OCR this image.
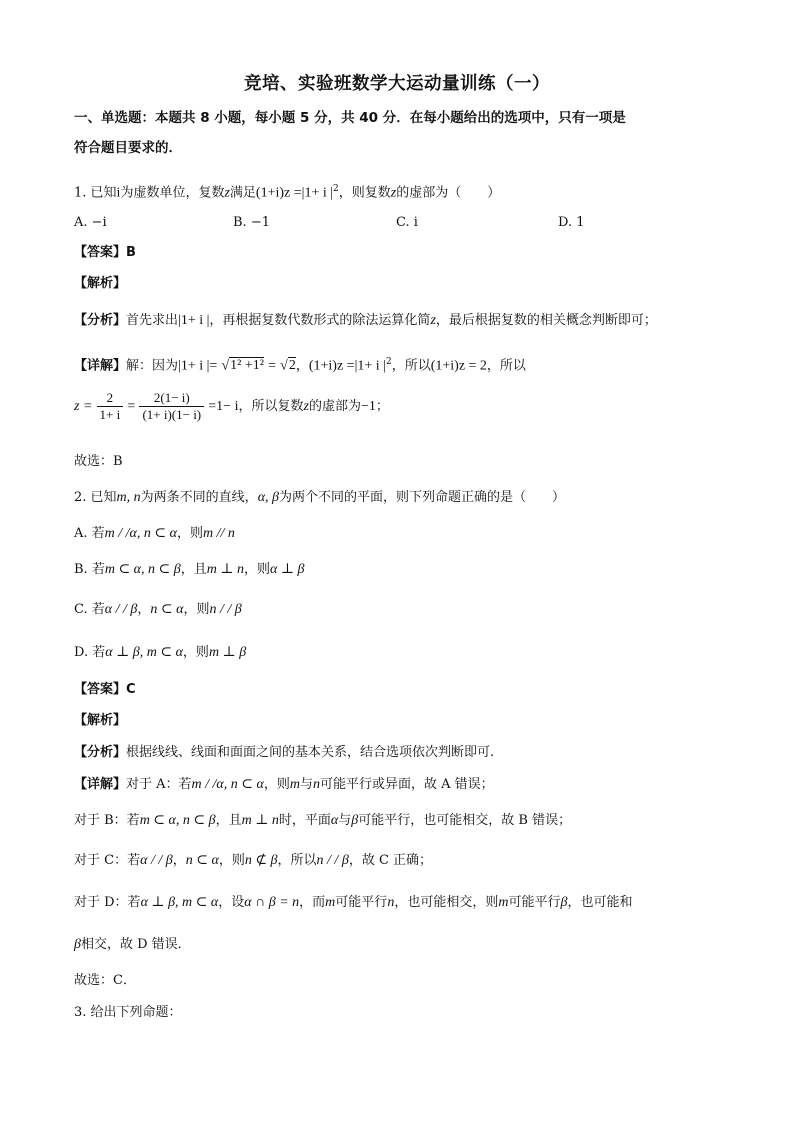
竞培、实验班数学大运动量训练（一）
一、单选题：本题共 8 小题，每小题 5 分，共 40 分．在每小题给出的选项中，只有一项是
符合题目要求的．
1. 已知i为虚数单位，复数z满足(1+i)z =|1+ i $|^2$，则复数z的虚部为（　　）
A. −i	B. −1	C. i	D. 1
【答案】B
【解析】
【分析】首先求出|1+ i |，再根据复数代数形式的除法运算化简z，最后根据复数的相关概念判断即可；
【详解】解：因为|1+ i |= √1² +1² = √2，(1+i)z =|1+ i $|^2$，所以(1+i)z = 2，所以
$z = \frac{2}{1+ i} = \frac{2(1- i)}{(1+ i)(1- i)} =1- i$，所以复数z的虚部为−1；
故选：B
2. 已知m, n为两条不同的直线，α, β为两个不同的平面，则下列命题正确的是（　　）
A. 若m / /α, n ⊂ α，则m // n
B. 若m ⊂ α, n ⊂ β，且m ⊥ n，则α ⊥ β
C. 若α / / β，n ⊂ α，则n / / β
D. 若α ⊥ β, m ⊂ α，则m ⊥ β
【答案】C
【解析】
【分析】根据线线、线面和面面之间的基本关系，结合选项依次判断即可.
【详解】对于 A：若m / /α, n ⊂ α，则m与n可能平行或异面，故 A 错误；
对于 B：若m ⊂ α, n ⊂ β，且m ⊥ n时，平面α与β可能平行，也可能相交，故 B 错误；
对于 C：若α / / β，n ⊂ α，则n ⊄ β，所以n / / β，故 C 正确；
对于 D：若α ⊥ β, m ⊂ α，设α ∩ β = n，而m可能平行n，也可能相交，则m可能平行β，也可能和
β相交，故 D 错误．
故选：C．
3. 给出下列命题：
